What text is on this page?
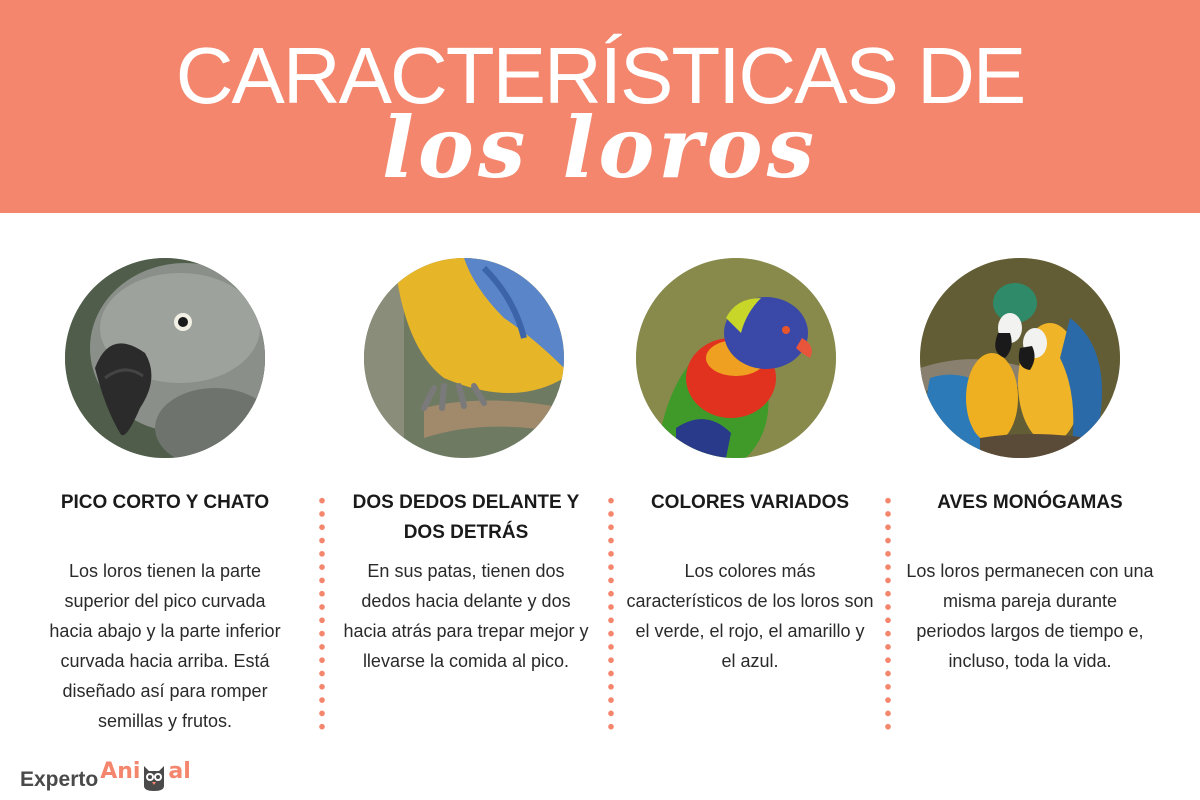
CARACTERÍSTICAS DE
los loros
PICO CORTO Y CHATO
Los loros tienen la parte superior del pico curvada hacia abajo y la parte inferior curvada hacia arriba. Está diseñado así para romper semillas y frutos.
DOS DEDOS DELANTE Y DOS DETRÁS
En sus patas, tienen dos dedos hacia delante y dos hacia atrás para trepar mejor y llevarse la comida al pico.
COLORES VARIADOS
Los colores más característicos de los loros son el verde, el rojo, el amarillo y el azul.
AVES MONÓGAMAS
Los loros permanecen con una misma pareja durante periodos largos de tiempo e, incluso, toda la vida.
Experto Ani al
